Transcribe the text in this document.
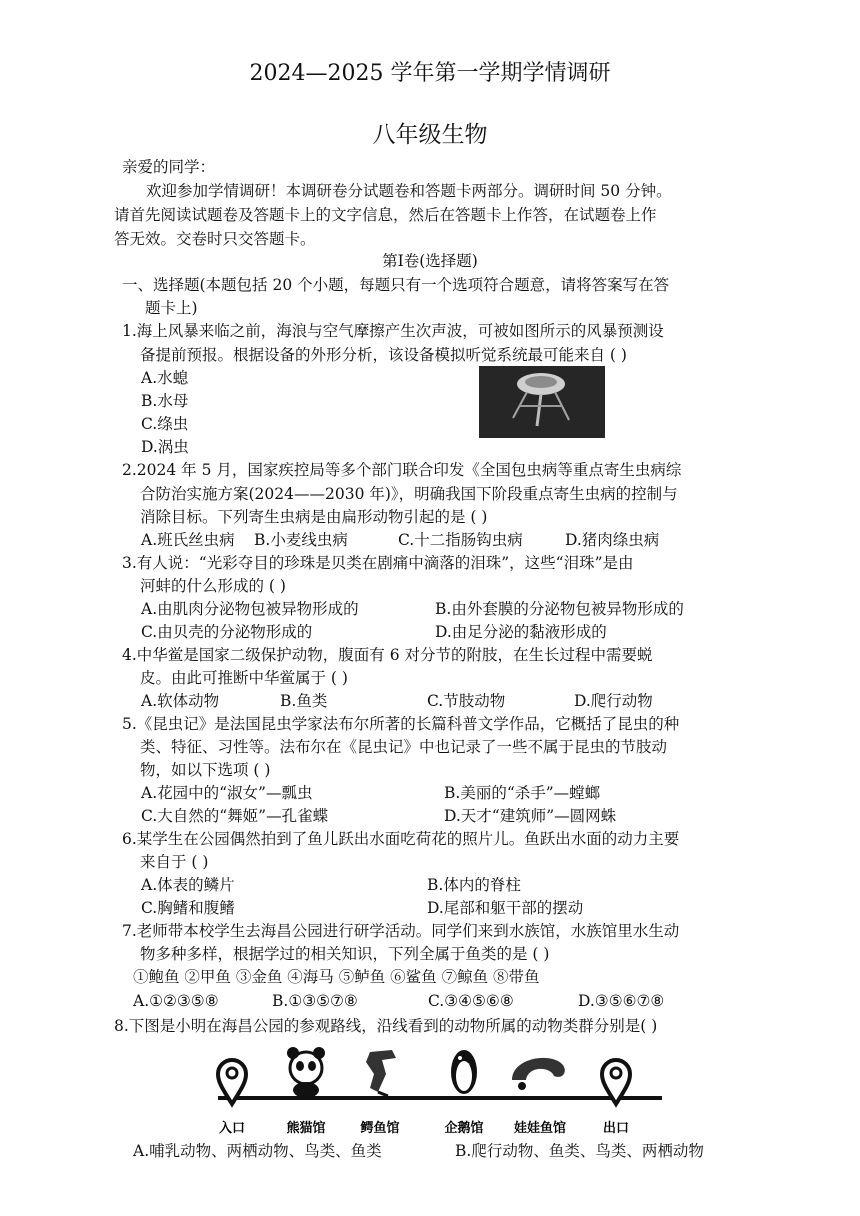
2024—2025 学年第一学期学情调研
八年级生物
亲爱的同学：
欢迎参加学情调研！本调研卷分试题卷和答题卡两部分。调研时间 50 分钟。
请首先阅读试题卷及答题卡上的文字信息，然后在答题卡上作答，在试题卷上作
答无效。交卷时只交答题卡。
第Ⅰ卷(选择题)
一、选择题(本题包括 20 个小题，每题只有一个选项符合题意，请将答案写在答
题卡上)
1.海上风暴来临之前，海浪与空气摩擦产生次声波，可被如图所示的风暴预测设
备提前预报。根据设备的外形分析，该设备模拟听觉系统最可能来自 ( )
A.水螅
B.水母
C.绦虫
D.涡虫
2.2024 年 5 月，国家疾控局等多个部门联合印发《全国包虫病等重点寄生虫病综
合防治实施方案(2024——2030 年)》，明确我国下阶段重点寄生虫病的控制与
消除目标。下列寄生虫病是由扁形动物引起的是 ( )
A.班氏丝虫病 B.小麦线虫病	C.十二指肠钩虫病	D.猪肉绦虫病
3.有人说：“光彩夺目的珍珠是贝类在剧痛中滴落的泪珠”，这些“泪珠”是由
河蚌的什么形成的 ( )
A.由肌肉分泌物包被异物形成的	B.由外套膜的分泌物包被异物形成的
C.由贝壳的分泌物形成的	D.由足分泌的黏液形成的
4.中华鲎是国家二级保护动物，腹面有 6 对分节的附肢，在生长过程中需要蜕
皮。由此可推断中华鲎属于 ( )
A.软体动物	B.鱼类	C.节肢动物	D.爬行动物
5.《昆虫记》是法国昆虫学家法布尔所著的长篇科普文学作品，它概括了昆虫的种
类、特征、习性等。法布尔在《昆虫记》中也记录了一些不属于昆虫的节肢动
物，如以下选项 ( )
A.花园中的“淑女”—瓢虫	B.美丽的“杀手”—螳螂
C.大自然的“舞姬”—孔雀蝶	D.天才“建筑师”—圆网蛛
6.某学生在公园偶然拍到了鱼儿跃出水面吃荷花的照片儿。鱼跃出水面的动力主要
来自于 ( )
A.体表的鳞片	B.体内的脊柱
C.胸鳍和腹鳍	D.尾部和躯干部的摆动
7.老师带本校学生去海昌公园进行研学活动。同学们来到水族馆，水族馆里水生动
物多种多样，根据学过的相关知识，下列全属于鱼类的是 ( )
①鲍鱼 ②甲鱼 ③金鱼 ④海马 ⑤鲈鱼 ⑥鲨鱼 ⑦鲸鱼 ⑧带鱼
A.①②③⑤⑧	B.①③⑤⑦⑧	C.③④⑤⑥⑧	D.③⑤⑥⑦⑧
8.下图是小明在海昌公园的参观路线，沿线看到的动物所属的动物类群分别是( )
入口	熊猫馆	鳄鱼馆	企鹅馆 娃娃鱼馆	出口
A.哺乳动物、两栖动物、鸟类、鱼类	B.爬行动物、鱼类、鸟类、两栖动物
